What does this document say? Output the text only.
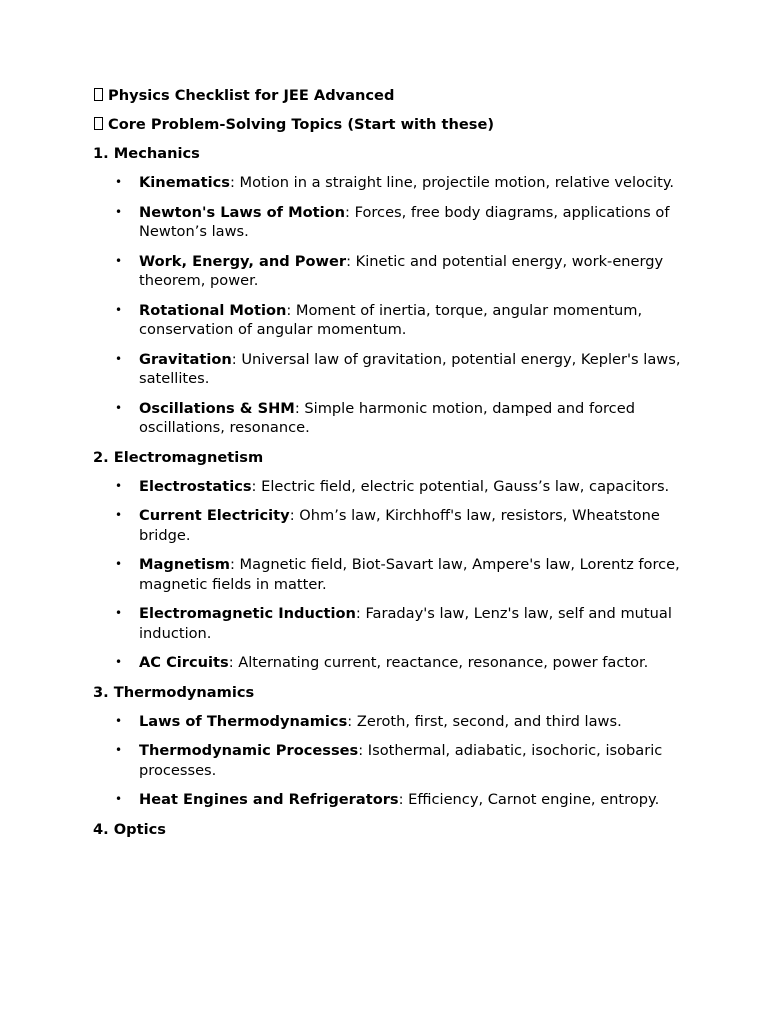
Physics Checklist for JEE Advanced

Core Problem-Solving Topics (Start with these)

1. Mechanics

• Kinematics: Motion in a straight line, projectile motion, relative velocity.
• Newton's Laws of Motion: Forces, free body diagrams, applications of Newton’s laws.
• Work, Energy, and Power: Kinetic and potential energy, work-energy theorem, power.
• Rotational Motion: Moment of inertia, torque, angular momentum, conservation of angular momentum.
• Gravitation: Universal law of gravitation, potential energy, Kepler's laws, satellites.
• Oscillations & SHM: Simple harmonic motion, damped and forced oscillations, resonance.

2. Electromagnetism

• Electrostatics: Electric field, electric potential, Gauss’s law, capacitors.
• Current Electricity: Ohm’s law, Kirchhoff's law, resistors, Wheatstone bridge.
• Magnetism: Magnetic field, Biot-Savart law, Ampere's law, Lorentz force, magnetic fields in matter.
• Electromagnetic Induction: Faraday's law, Lenz's law, self and mutual induction.
• AC Circuits: Alternating current, reactance, resonance, power factor.

3. Thermodynamics

• Laws of Thermodynamics: Zeroth, first, second, and third laws.
• Thermodynamic Processes: Isothermal, adiabatic, isochoric, isobaric processes.
• Heat Engines and Refrigerators: Efficiency, Carnot engine, entropy.

4. Optics
